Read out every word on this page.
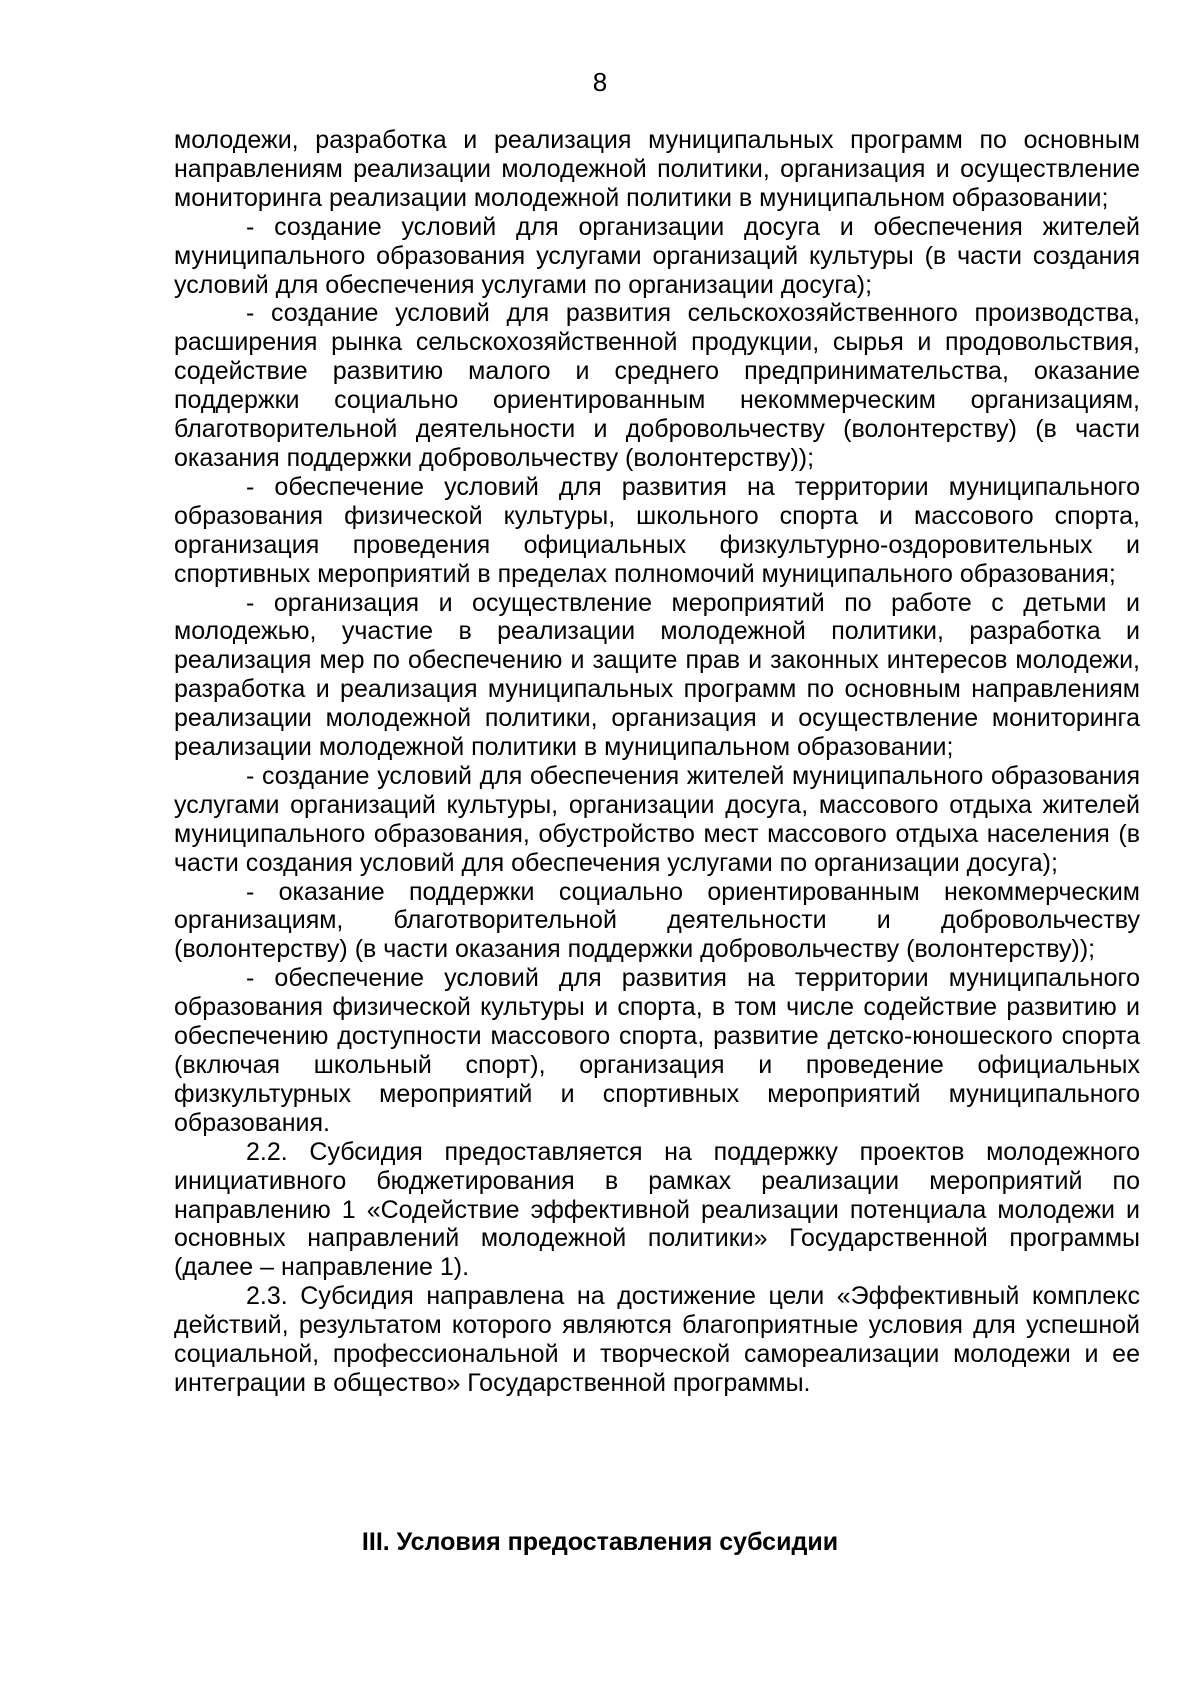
8

молодежи, разработка и реализация муниципальных программ по основным направлениям реализации молодежной политики, организация и осуществление мониторинга реализации молодежной политики в муниципальном образовании;

- создание условий для организации досуга и обеспечения жителей муниципального образования услугами организаций культуры (в части создания условий для обеспечения услугами по организации досуга);

- создание условий для развития сельскохозяйственного производства, расширения рынка сельскохозяйственной продукции, сырья и продовольствия, содействие развитию малого и среднего предпринимательства, оказание поддержки социально ориентированным некоммерческим организациям, благотворительной деятельности и добровольчеству (волонтерству) (в части оказания поддержки добровольчеству (волонтерству));

- обеспечение условий для развития на территории муниципального образования физической культуры, школьного спорта и массового спорта, организация проведения официальных физкультурно-оздоровительных и спортивных мероприятий в пределах полномочий муниципального образования;

- организация и осуществление мероприятий по работе с детьми и молодежью, участие в реализации молодежной политики, разработка и реализация мер по обеспечению и защите прав и законных интересов молодежи, разработка и реализация муниципальных программ по основным направлениям реализации молодежной политики, организация и осуществление мониторинга реализации молодежной политики в муниципальном образовании;

- создание условий для обеспечения жителей муниципального образования услугами организаций культуры, организации досуга, массового отдыха жителей муниципального образования, обустройство мест массового отдыха населения (в части создания условий для обеспечения услугами по организации досуга);

- оказание поддержки социально ориентированным некоммерческим организациям, благотворительной деятельности и добровольчеству (волонтерству) (в части оказания поддержки добровольчеству (волонтерству));

- обеспечение условий для развития на территории муниципального образования физической культуры и спорта, в том числе содействие развитию и обеспечению доступности массового спорта, развитие детско-юношеского спорта (включая школьный спорт), организация и проведение официальных физкультурных мероприятий и спортивных мероприятий муниципального образования.

2.2. Субсидия предоставляется на поддержку проектов молодежного инициативного бюджетирования в рамках реализации мероприятий по направлению 1 «Содействие эффективной реализации потенциала молодежи и основных направлений молодежной политики» Государственной программы (далее – направление 1).

2.3. Субсидия направлена на достижение цели «Эффективный комплекс действий, результатом которого являются благоприятные условия для успешной социальной, профессиональной и творческой самореализации молодежи и ее интеграции в общество» Государственной программы.

III. Условия предоставления субсидии
